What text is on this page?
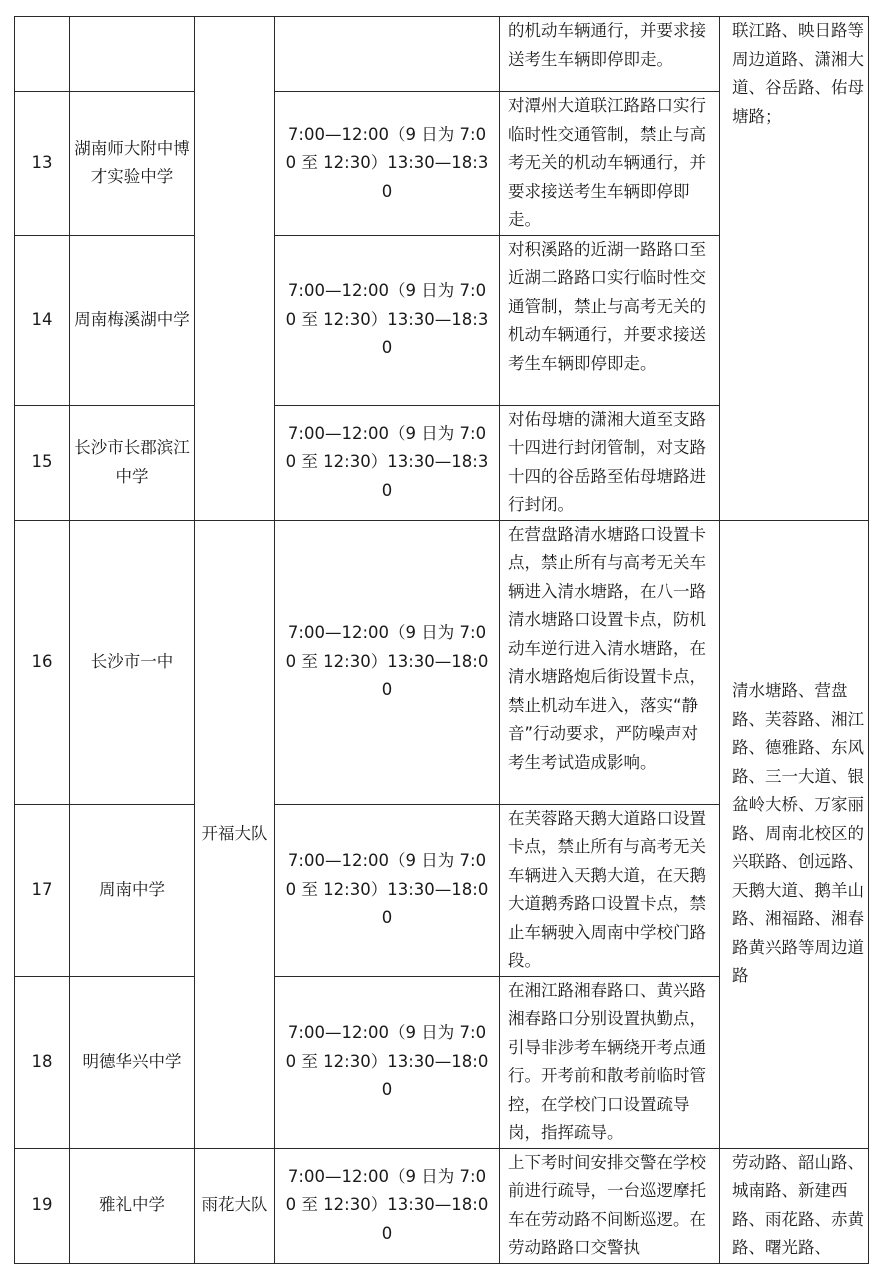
				的机动车辆通行，并要求接送考生车辆即停即走。	联江路、映日路等周边道路、潇湘大道、谷岳路、佑母塘路；
13	湖南师大附中博才实验中学		7:00—12:00（9 日为 7:00 至 12:30）13:30—18:30	对潭州大道联江路路口实行临时性交通管制，禁止与高考无关的机动车辆通行，并要求接送考生车辆即停即走。	
14	周南梅溪湖中学		7:00—12:00（9 日为 7:00 至 12:30）13:30—18:30	对积溪路的近湖一路路口至近湖二路路口实行临时性交通管制，禁止与高考无关的机动车辆通行，并要求接送考生车辆即停即走。	
15	长沙市长郡滨江中学		7:00—12:00（9 日为 7:00 至 12:30）13:30—18:30	对佑母塘的潇湘大道至支路十四进行封闭管制，对支路十四的谷岳路至佑母塘路进行封闭。	
16	长沙市一中	开福大队	7:00—12:00（9 日为 7:00 至 12:30）13:30—18:00	在营盘路清水塘路口设置卡点，禁止所有与高考无关车辆进入清水塘路，在八一路清水塘路口设置卡点，防机动车逆行进入清水塘路，在清水塘路炮后街设置卡点，禁止机动车进入，落实“静音”行动要求，严防噪声对考生考试造成影响。	清水塘路、营盘路、芙蓉路、湘江路、德雅路、东风路、三一大道、银盆岭大桥、万家丽路、周南北校区的兴联路、创远路、天鹅大道、鹅羊山路、湘福路、湘春路黄兴路等周边道路
17	周南中学		7:00—12:00（9 日为 7:00 至 12:30）13:30—18:00	在芙蓉路天鹅大道路口设置卡点，禁止所有与高考无关车辆进入天鹅大道，在天鹅大道鹅秀路口设置卡点，禁止车辆驶入周南中学校门路段。	
18	明德华兴中学		7:00—12:00（9 日为 7:00 至 12:30）13:30—18:00	在湘江路湘春路口、黄兴路湘春路口分别设置执勤点，引导非涉考车辆绕开考点通行。开考前和散考前临时管控，在学校门口设置疏导岗，指挥疏导。	
19	雅礼中学	雨花大队	7:00—12:00（9 日为 7:00 至 12:30）13:30—18:00	上下考时间安排交警在学校前进行疏导，一台巡逻摩托车在劳动路不间断巡逻。在劳动路路口交警执	劳动路、韶山路、城南路、新建西路、雨花路、赤黄路、曙光路、
